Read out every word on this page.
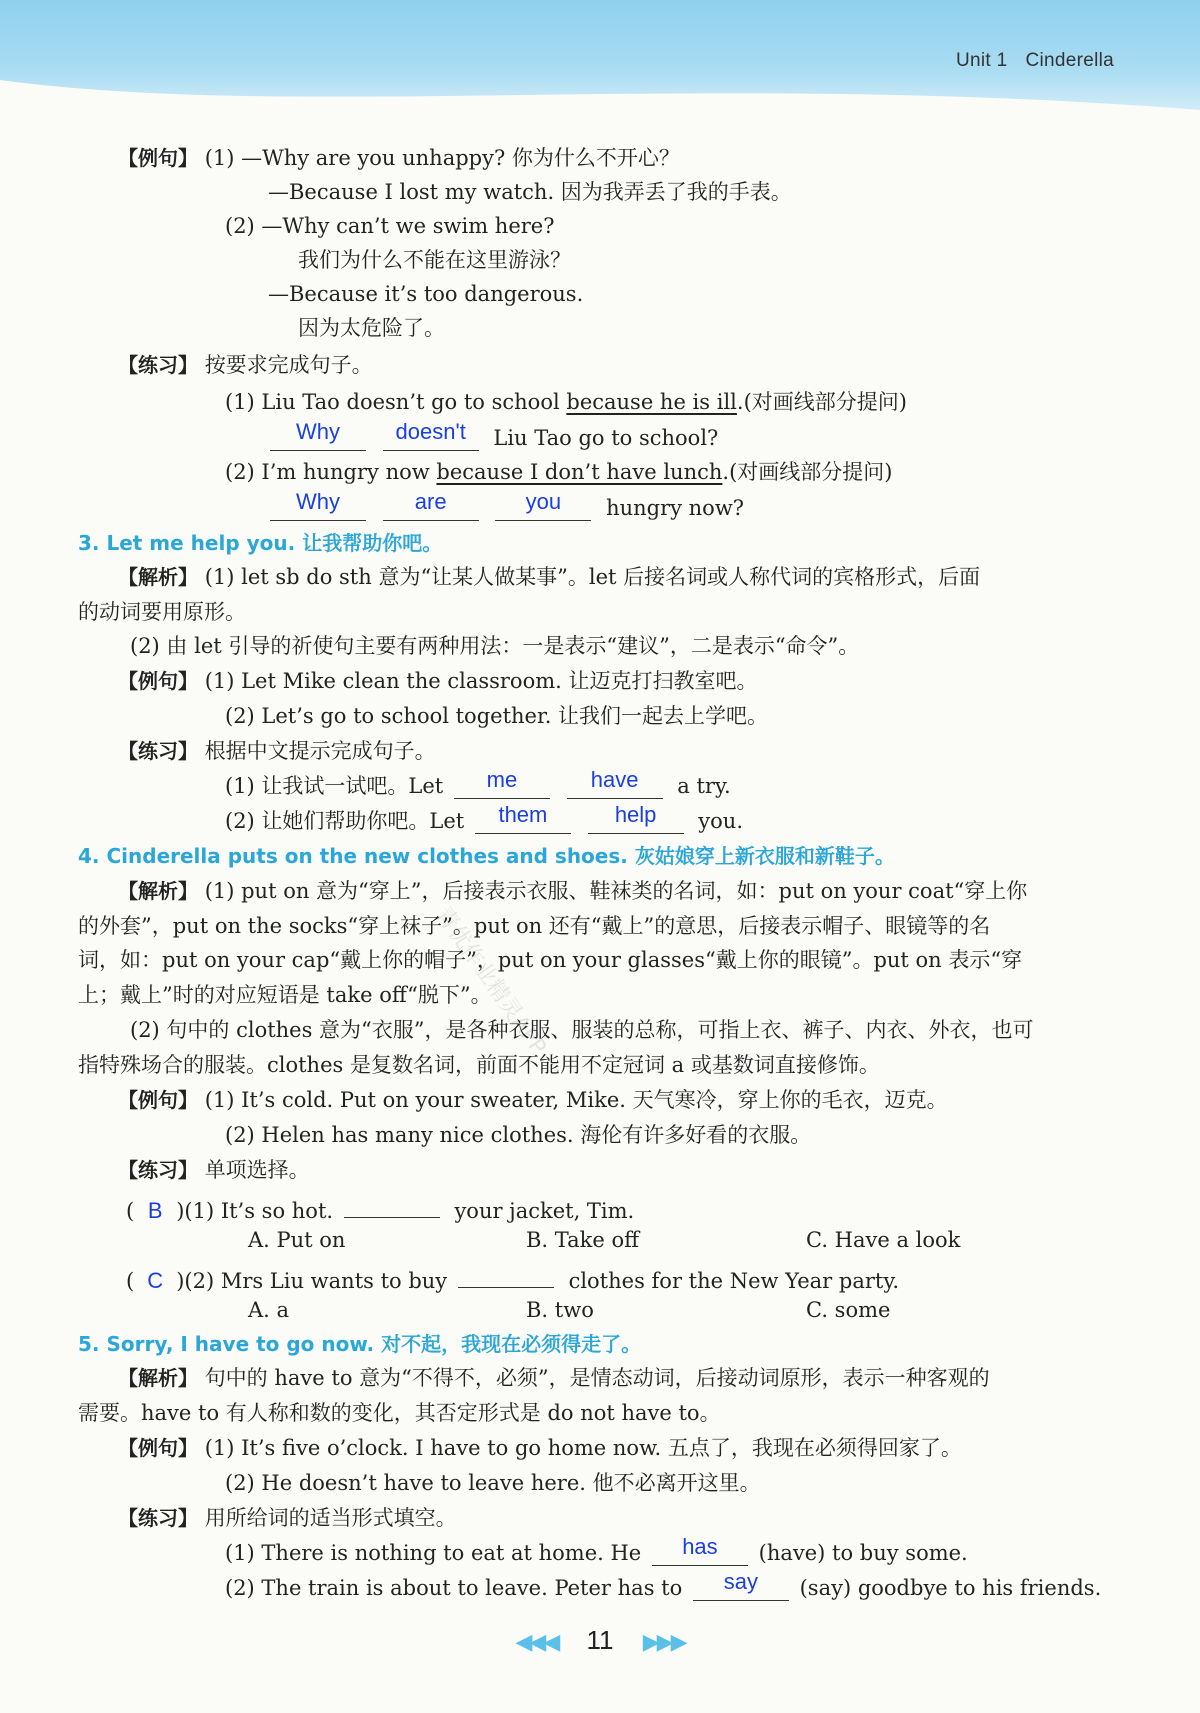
Unit 1 Cinderella
青优作业精灵APP
【例句】 (1) —Why are you unhappy? 你为什么不开心？
—Because I lost my watch. 因为我弄丢了我的手表。
(2) —Why can’t we swim here?
我们为什么不能在这里游泳？
—Because it’s too dangerous.
因为太危险了。
【练习】 按要求完成句子。
(1) Liu Tao doesn’t go to school because he is ill.(对画线部分提问)
Why	doesn't Liu Tao go to school?
(2) I’m hungry now because I don’t have lunch.(对画线部分提问)
Why	are	you hungry now?
3. Let me help you. 让我帮助你吧。
【解析】 (1) let sb do sth 意为“让某人做某事”。let 后接名词或人称代词的宾格形式，后面
的动词要用原形。
(2) 由 let 引导的祈使句主要有两种用法：一是表示“建议”，二是表示“命令”。
【例句】 (1) Let Mike clean the classroom. 让迈克打扫教室吧。
(2) Let’s go to school together. 让我们一起去上学吧。
【练习】 根据中文提示完成句子。
(1) 让我试一试吧。Let me	have a try.
(2) 让她们帮助你吧。Let them	help you.
4. Cinderella puts on the new clothes and shoes. 灰姑娘穿上新衣服和新鞋子。
【解析】 (1) put on 意为“穿上”，后接表示衣服、鞋袜类的名词，如：put on your coat“穿上你
的外套”，put on the socks“穿上袜子”。put on 还有“戴上”的意思，后接表示帽子、眼镜等的名
词，如：put on your cap“戴上你的帽子”，put on your glasses“戴上你的眼镜”。put on 表示“穿
上；戴上”时的对应短语是 take off“脱下”。
(2) 句中的 clothes 意为“衣服”，是各种衣服、服装的总称，可指上衣、裤子、内衣、外衣，也可
指特殊场合的服装。clothes 是复数名词，前面不能用不定冠词 a 或基数词直接修饰。
【例句】 (1) It’s cold. Put on your sweater, Mike. 天气寒冷，穿上你的毛衣，迈克。
(2) Helen has many nice clothes. 海伦有许多好看的衣服。
【练习】 单项选择。
( B )(1) It’s so hot.	your jacket, Tim.
A. Put on	B. Take off	C. Have a look
( C )(2) Mrs Liu wants to buy	clothes for the New Year party.
A. a	B. two	C. some
5. Sorry, I have to go now. 对不起，我现在必须得走了。
【解析】 句中的 have to 意为“不得不，必须”，是情态动词，后接动词原形，表示一种客观的
需要。have to 有人称和数的变化，其否定形式是 do not have to。
【例句】 (1) It’s five o’clock. I have to go home now. 五点了，我现在必须得回家了。
(2) He doesn’t have to leave here. 他不必离开这里。
【练习】 用所给词的适当形式填空。
(1) There is nothing to eat at home. He has (have) to buy some.
(2) The train is about to leave. Peter has to say (say) goodbye to his friends.
◀◀◀ 11 ▶▶▶
